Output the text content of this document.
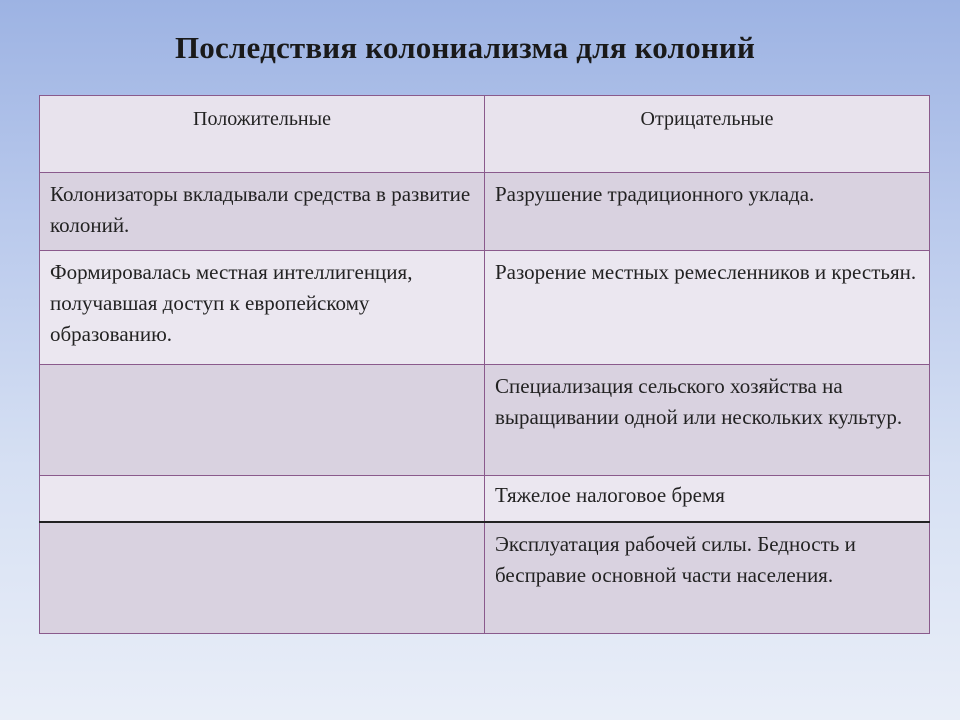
Последствия колониализма для колоний
Положительные	Отрицательные
Колонизаторы вкладывали средства в развитие колоний.	Разрушение традиционного уклада.
Формировалась местная интеллигенция, получавшая доступ к европейскому образованию.	Разорение местных ремесленников и крестьян.
	Специализация сельского хозяйства на выращивании одной или нескольких культур.
	Тяжелое налоговое бремя
	Эксплуатация рабочей силы. Бедность и бесправие основной части населения.
